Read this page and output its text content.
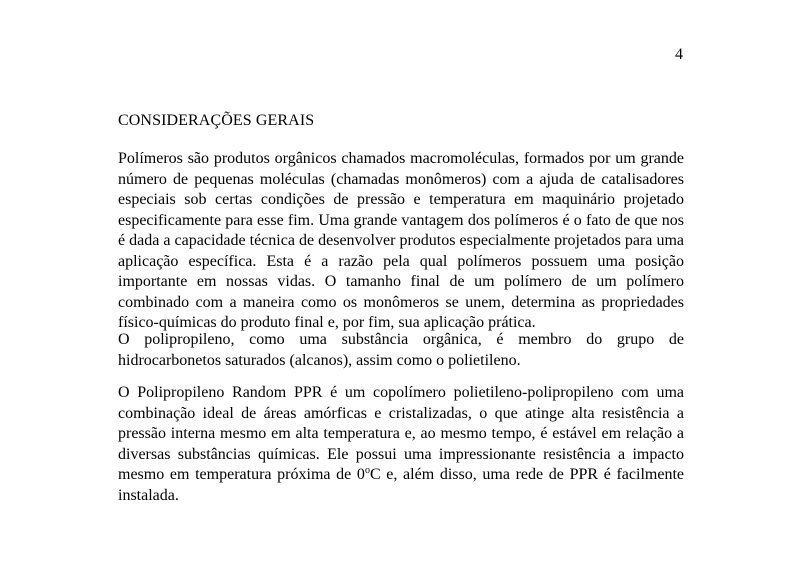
4
CONSIDERAÇÕES GERAIS

Polímeros são produtos orgânicos chamados macromoléculas, formados por um grande número de pequenas moléculas (chamadas monômeros) com a ajuda de catalisadores especiais sob certas condições de pressão e temperatura em maquinário projetado especificamente para esse fim. Uma grande vantagem dos polímeros é o fato de que nos é dada a capacidade técnica de desenvolver produtos especialmente projetados para uma aplicação específica. Esta é a razão pela qual polímeros possuem uma posição importante em nossas vidas. O tamanho final de um polímero de um polímero combinado com a maneira como os monômeros se unem, determina as propriedades físico-químicas do produto final e, por fim, sua aplicação prática.

O polipropileno, como uma substância orgânica, é membro do grupo de hidrocarbonetos saturados (alcanos), assim como o polietileno.

O Polipropileno Random PPR é um copolímero polietileno-polipropileno com uma combinação ideal de áreas amórficas e cristalizadas, o que atinge alta resistência a pressão interna mesmo em alta temperatura e, ao mesmo tempo, é estável em relação a diversas substâncias químicas. Ele possui uma impressionante resistência a impacto mesmo em temperatura próxima de 0$^o$C e, além disso, uma rede de PPR é facilmente instalada.
